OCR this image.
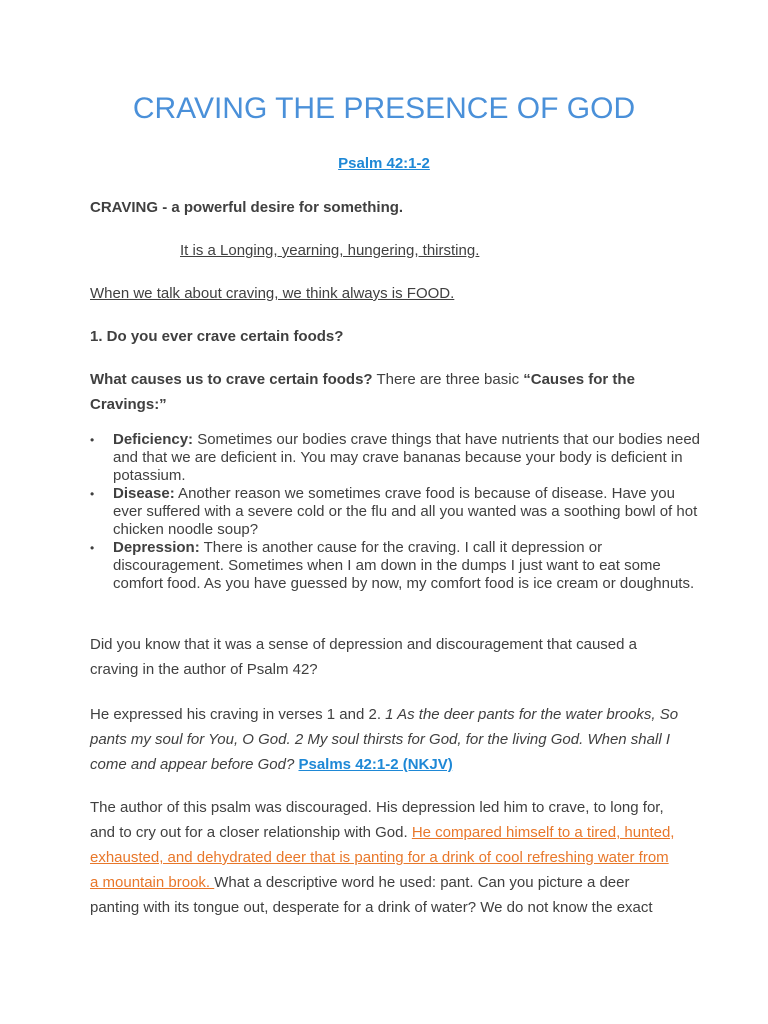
CRAVING THE PRESENCE OF GOD
Psalm 42:1-2

CRAVING - a powerful desire for something.

It is a Longing, yearning, hungering, thirsting.

When we talk about craving, we think always is FOOD.

1. Do you ever crave certain foods?

What causes us to crave certain foods? There are three basic “Causes for the Cravings:”

• Deficiency: Sometimes our bodies crave things that have nutrients that our bodies need and that we are deficient in. You may crave bananas because your body is deficient in potassium.
• Disease: Another reason we sometimes crave food is because of disease. Have you ever suffered with a severe cold or the flu and all you wanted was a soothing bowl of hot chicken noodle soup?
• Depression: There is another cause for the craving. I call it depression or discouragement. Sometimes when I am down in the dumps I just want to eat some comfort food. As you have guessed by now, my comfort food is ice cream or doughnuts.

Did you know that it was a sense of depression and discouragement that caused a craving in the author of Psalm 42?

He expressed his craving in verses 1 and 2. 1 As the deer pants for the water brooks, So pants my soul for You, O God. 2 My soul thirsts for God, for the living God. When shall I come and appear before God? Psalms 42:1-2 (NKJV)

The author of this psalm was discouraged. His depression led him to crave, to long for, and to cry out for a closer relationship with God. He compared himself to a tired, hunted, exhausted, and dehydrated deer that is panting for a drink of cool refreshing water from a mountain brook. What a descriptive word he used: pant. Can you picture a deer panting with its tongue out, desperate for a drink of water? We do not know the exact
